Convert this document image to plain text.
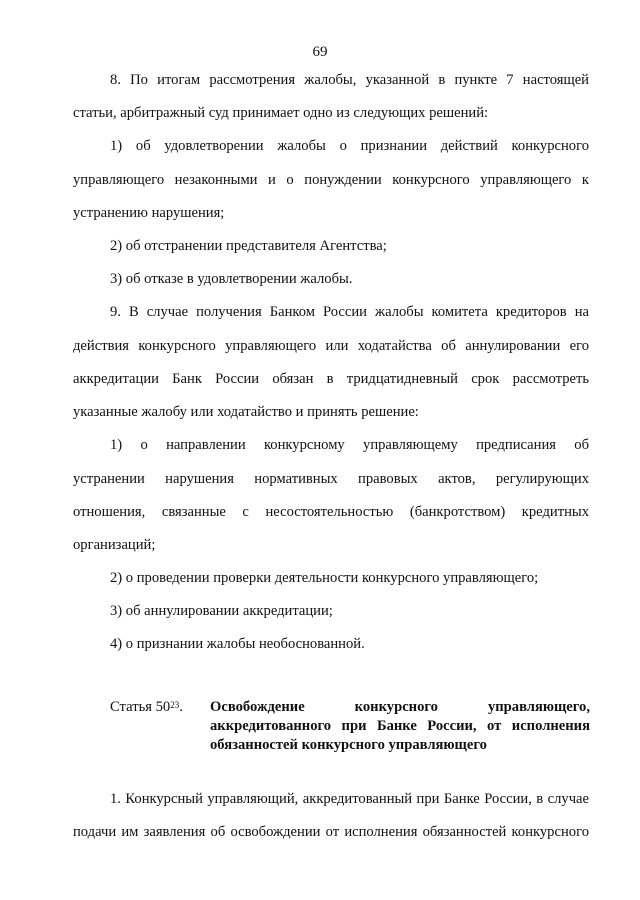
69
8. По итогам рассмотрения жалобы, указанной в пункте 7 настоящей
статьи, арбитражный суд принимает одно из следующих решений:
1) об удовлетворении жалобы о признании действий конкурсного
управляющего незаконными и о понуждении конкурсного управляющего к
устранению нарушения;
2) об отстранении представителя Агентства;
3) об отказе в удовлетворении жалобы.
9. В случае получения Банком России жалобы комитета кредиторов на
действия конкурсного управляющего или ходатайства об аннулировании его
аккредитации Банк России обязан в тридцатидневный срок рассмотреть
указанные жалобу или ходатайство и принять решение:
1) о направлении конкурсному управляющему предписания об
устранении нарушения нормативных правовых актов, регулирующих
отношения, связанные с несостоятельностью (банкротством) кредитных
организаций;
2) о проведении проверки деятельности конкурсного управляющего;
3) об аннулировании аккредитации;
4) о признании жалобы необоснованной.
Статья $50^{23}$. Освобождение конкурсного управляющего,
аккредитованного при Банке России, от исполнения
обязанностей конкурсного управляющего
1. Конкурсный управляющий, аккредитованный при Банке России, в случае
подачи им заявления об освобождении от исполнения обязанностей конкурсного
